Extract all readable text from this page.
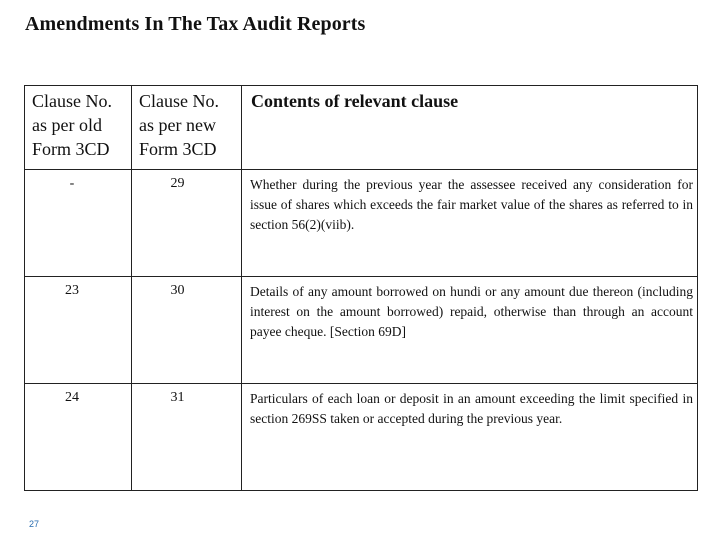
Amendments In The Tax Audit Reports
Clause No.
as per old
Form 3CD	Clause No.
as per new
Form 3CD	Contents of relevant clause
-	29	Whether during the previous year the assessee received any consideration for issue of shares which exceeds the fair market value of the shares as referred to in section 56(2)(viib).
23	30	Details of any amount borrowed on hundi or any amount due thereon (including interest on the amount borrowed) repaid, otherwise than through an account payee cheque. [Section 69D]
24	31	Particulars of each loan or deposit in an amount exceeding the limit specified in section 269SS taken or accepted during the previous year.
27
